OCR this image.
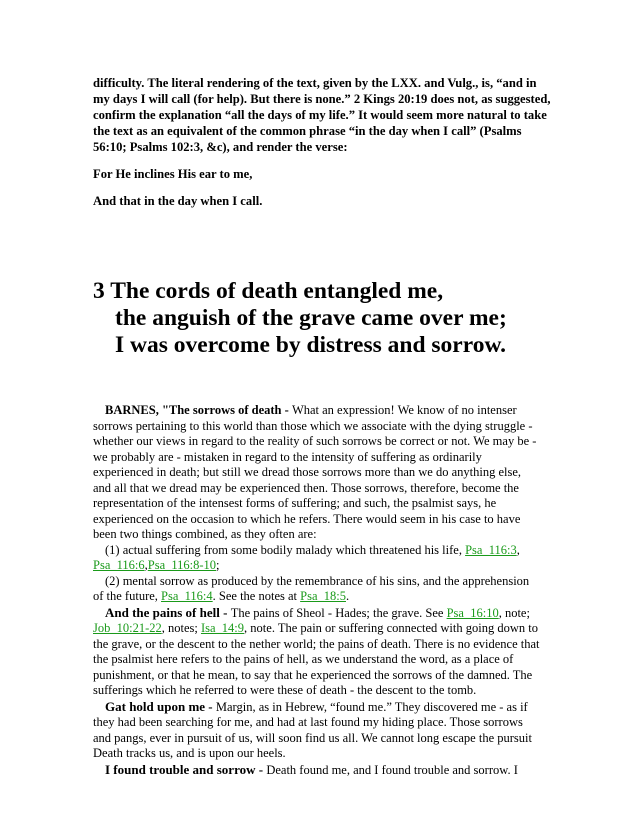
difficulty. The literal rendering of the text, given by the LXX. and Vulg., is, “and in my days I will call (for help). But there is none.” 2 Kings 20:19 does not, as suggested, confirm the explanation “all the days of my life.” It would seem more natural to take the text as an equivalent of the common phrase “in the day when I call” (Psalms 56:10; Psalms 102:3, &c), and render the verse:

For He inclines His ear to me,

And that in the day when I call.

3 The cords of death entangled me,
the anguish of the grave came over me;
I was overcome by distress and sorrow.

BARNES, "The sorrows of death - What an expression! We know of no intenser sorrows pertaining to this world than those which we associate with the dying struggle - whether our views in regard to the reality of such sorrows be correct or not. We may be - we probably are - mistaken in regard to the intensity of suffering as ordinarily experienced in death; but still we dread those sorrows more than we do anything else, and all that we dread may be experienced then. Those sorrows, therefore, become the representation of the intensest forms of suffering; and such, the psalmist says, he experienced on the occasion to which he refers. There would seem in his case to have been two things combined, as they often are:

(1) actual suffering from some bodily malady which threatened his life, Psa_116:3, Psa_116:6,Psa_116:8-10;

(2) mental sorrow as produced by the remembrance of his sins, and the apprehension of the future, Psa_116:4. See the notes at Psa_18:5.

And the pains of hell - The pains of Sheol - Hades; the grave. See Psa_16:10, note; Job_10:21-22, notes; Isa_14:9, note. The pain or suffering connected with going down to the grave, or the descent to the nether world; the pains of death. There is no evidence that the psalmist here refers to the pains of hell, as we understand the word, as a place of punishment, or that he mean, to say that he experienced the sorrows of the damned. The sufferings which he referred to were these of death - the descent to the tomb.

Gat hold upon me - Margin, as in Hebrew, “found me.” They discovered me - as if they had been searching for me, and had at last found my hiding place. Those sorrows and pangs, ever in pursuit of us, will soon find us all. We cannot long escape the pursuit Death tracks us, and is upon our heels.

I found trouble and sorrow - Death found me, and I found trouble and sorrow. I
